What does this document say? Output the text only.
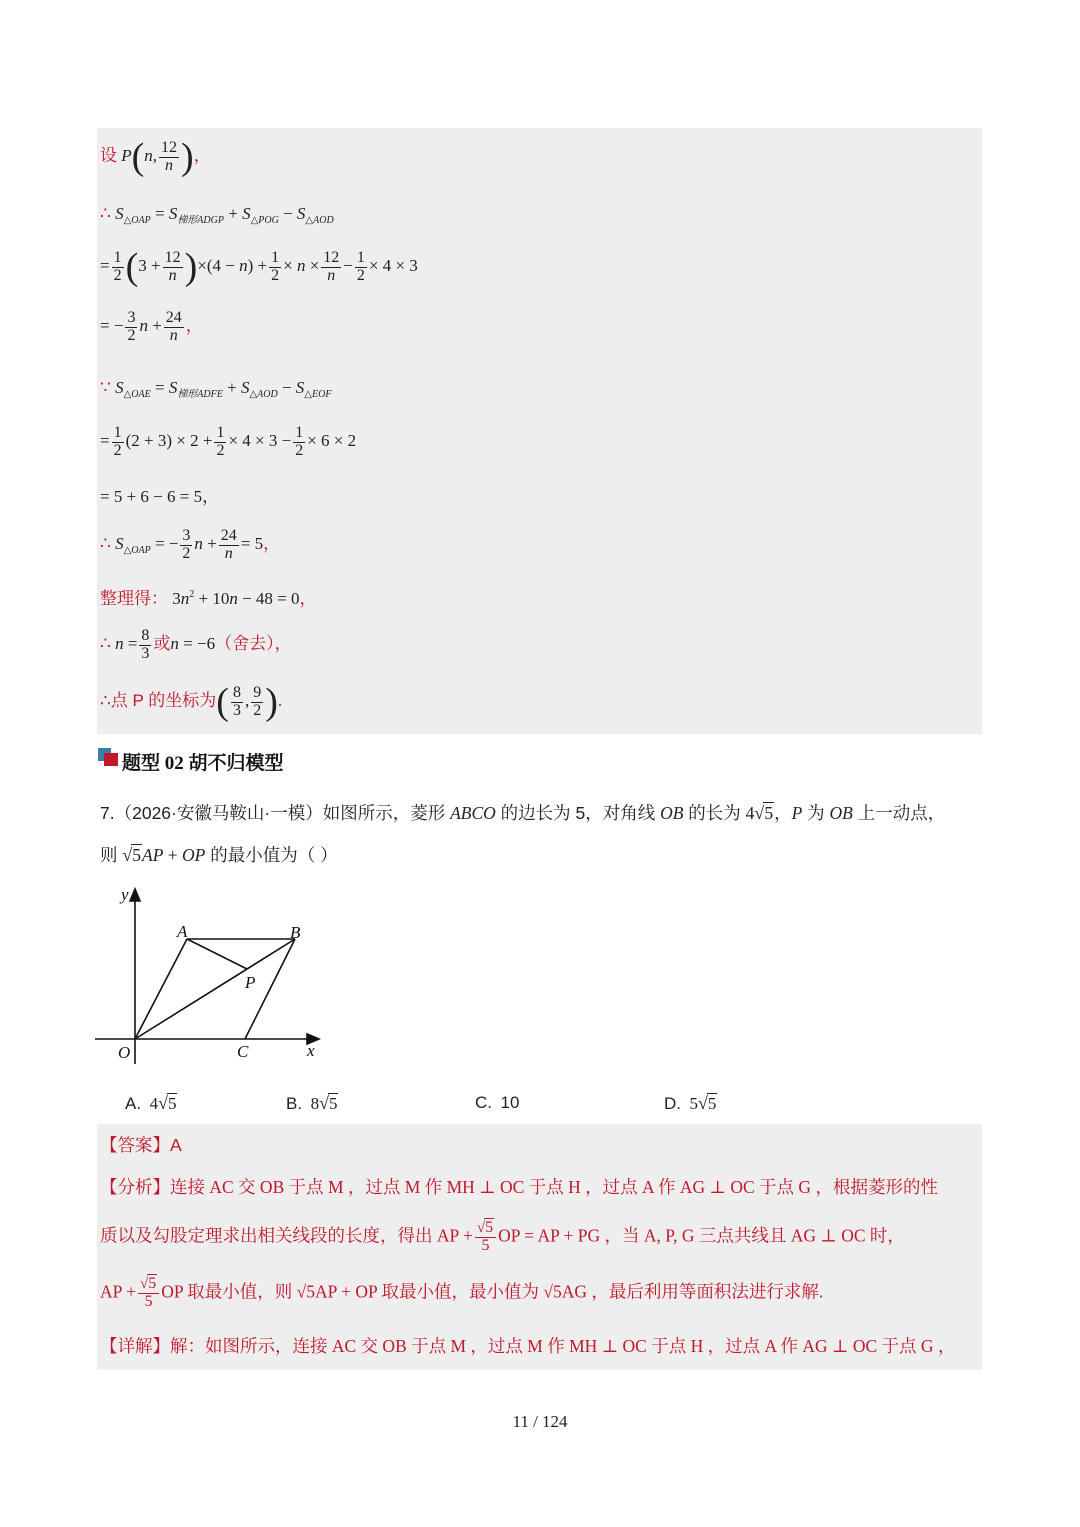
设 P(n, $\frac{12}{n}$ )，
∴ $S_{\triangle OAP} = S_{梯形ADGP} + S_{\triangle POG} - S_{\triangle AOD}$
= $\frac{1}{2} (3 + \frac{12}{n} )\times(4 - n) + \frac{1}{2} \times n \times \frac{12}{n} - \frac{1}{2} \times 4 \times 3$
= − $\frac{3}{2}$ $n + \frac{24}{n}$ ，
∵ $S_{\triangle OAE} = S_{梯形ADFE} + S_{\triangle AOD} - S_{\triangle EOF}$
= $\frac{1}{2} (2 + 3) \times 2 + \frac{1}{2} \times 4 \times 3 - \frac{1}{2} \times 6 \times 2$
= 5 + 6 − 6 = 5，
∴ $S_{\triangle OAP}$ = − $\frac{3}{2}$ $n + \frac{24}{n} = 5$，
整理得： $3n^2 + 10n - 48 = 0$，
∴ $n = \frac{8}{3}$ 或n = −6（舍去），
∴点 P 的坐标为( $\frac{8}{3}$ , $\frac{9}{2}$ ).
题型 02 胡不归模型
7.（2026·安徽马鞍山·一模）如图所示，菱形 ABCO 的边长为 5，对角线 OB 的长为 4√5，P 为 OB 上一动点，
则 √5AP + OP 的最小值为（ ）
y
x
O
A	B
C
P
A.  4√5	B.  8√5	C. 10	D.  5√5
【答案】A
【分析】连接 AC 交 OB 于点 M ，过点 M 作 MH ⊥ OC 于点 H ，过点 A 作 AG ⊥ OC 于点 G ，根据菱形的性
质以及勾股定理求出相关线段的长度，得出 AP + $\frac{√5}{5}$ OP = AP + PG ，当 A, P, G 三点共线且 AG ⊥ OC 时，
AP + $\frac{√5}{5}$ OP 取最小值，则 √5AP + OP 取最小值，最小值为 √5AG ，最后利用等面积法进行求解.
【详解】解：如图所示，连接 AC 交 OB 于点 M ，过点 M 作 MH ⊥ OC 于点 H ，过点 A 作 AG ⊥ OC 于点 G ，
11 / 124
